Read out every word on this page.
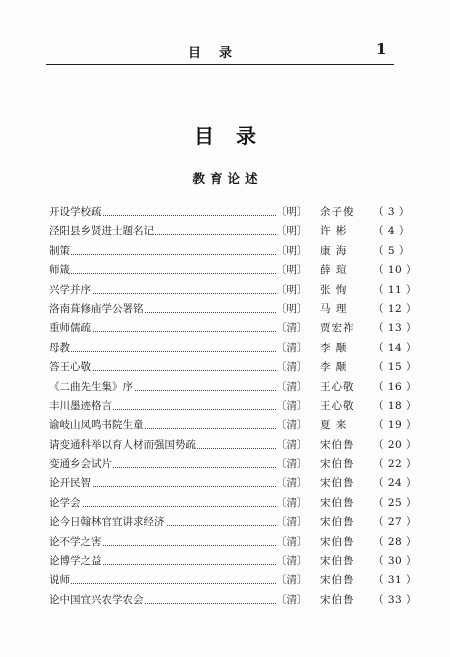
目录	1
目录
教育论述
开设学校疏	〔 明 〕 余子俊	（ 3 ）
泾阳县乡贤进士题名记	〔 明 〕 许 彬	（ 4 ）
制策	〔 明 〕 康 海	（ 5 ）
师箴	〔 明 〕 薛 瑄	（ 10 ）
兴学并序	〔 明 〕 张 恂	（ 11 ）
洛南葺修庙学公署铭	〔 明 〕 马 理	（ 12 ）
重师儒疏	〔 清 〕 贾宏祚	（ 13 ）
母教	〔 清 〕 李 颙	（ 14 ）
答王心敬	〔 清 〕 李 颙	（ 15 ）
《二曲先生集》序	〔 清 〕 王心敬	（ 16 ）
丰川墨迹格言	〔 清 〕 王心敬	（ 18 ）
谕岐山凤鸣书院生童	〔 清 〕 夏 来	（ 19 ）
请变通科举以育人材而强国势疏	〔 清 〕 宋伯鲁	（ 20 ）
变通乡会试片	〔 清 〕 宋伯鲁	（ 22 ）
论开民智	〔 清 〕 宋伯鲁	（ 24 ）
论学会	〔 清 〕 宋伯鲁	（ 25 ）
论今日翰林官宜讲求经济	〔 清 〕 宋伯鲁	（ 27 ）
论不学之害	〔 清 〕 宋伯鲁	（ 28 ）
论博学之益	〔 清 〕 宋伯鲁	（ 30 ）
说师	〔 清 〕 宋伯鲁	（ 31 ）
论中国宜兴农学农会	〔 清 〕 宋伯鲁	（ 33 ）
